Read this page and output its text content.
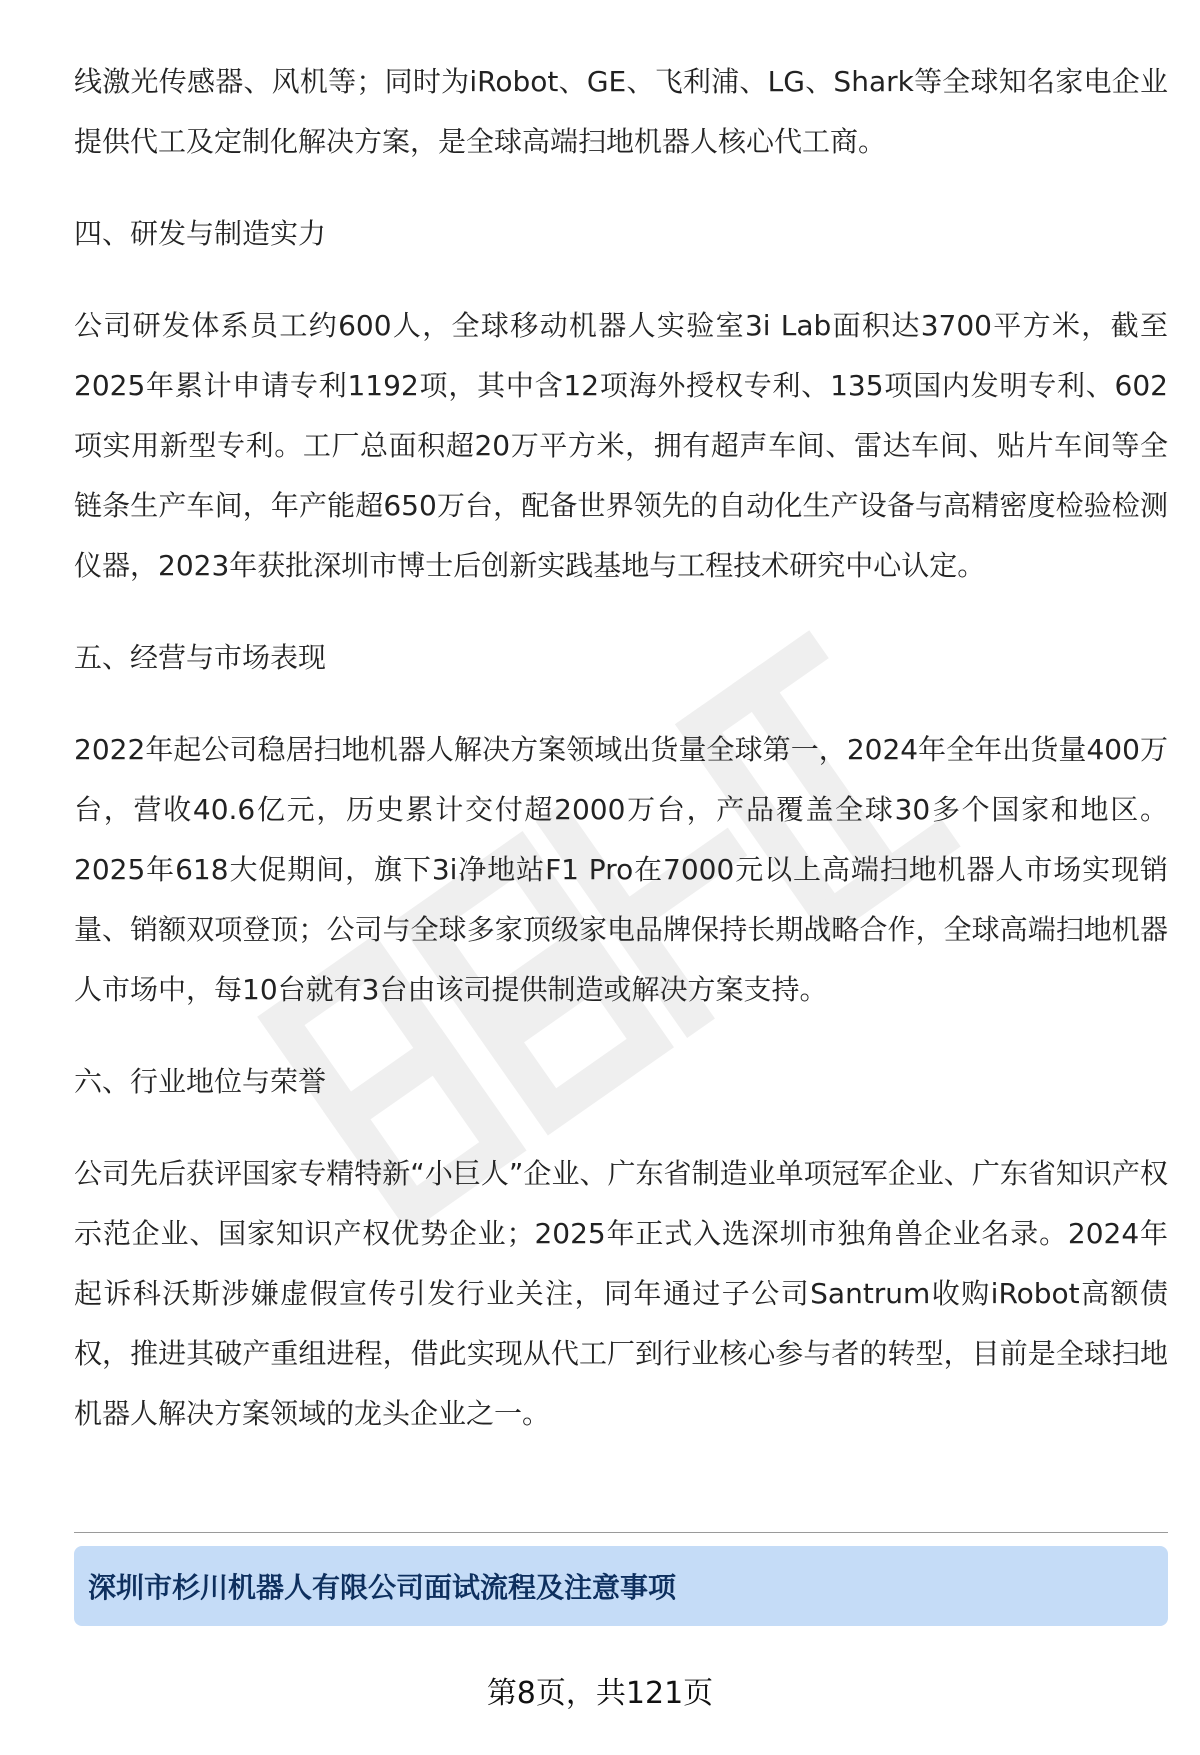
线激光传感器、风机等；同时为iRobot、GE、飞利浦、LG、Shark等全球知名家电企业提供代工及定制化解决方案，是全球高端扫地机器人核心代工商。

四、研发与制造实力

公司研发体系员工约600人，全球移动机器人实验室3i Lab面积达3700平方米，截至2025年累计申请专利1192项，其中含12项海外授权专利、135项国内发明专利、602项实用新型专利。工厂总面积超20万平方米，拥有超声车间、雷达车间、贴片车间等全链条生产车间，年产能超650万台，配备世界领先的自动化生产设备与高精密度检验检测仪器，2023年获批深圳市博士后创新实践基地与工程技术研究中心认定。

五、经营与市场表现

2022年起公司稳居扫地机器人解决方案领域出货量全球第一，2024年全年出货量400万台，营收40.6亿元，历史累计交付超2000万台，产品覆盖全球30多个国家和地区。2025年618大促期间，旗下3i净地站F1 Pro在7000元以上高端扫地机器人市场实现销量、销额双项登顶；公司与全球多家顶级家电品牌保持长期战略合作，全球高端扫地机器人市场中，每10台就有3台由该司提供制造或解决方案支持。

六、行业地位与荣誉

公司先后获评国家专精特新“小巨人”企业、广东省制造业单项冠军企业、广东省知识产权示范企业、国家知识产权优势企业；2025年正式入选深圳市独角兽企业名录。2024年起诉科沃斯涉嫌虚假宣传引发行业关注，同年通过子公司Santrum收购iRobot高额债权，推进其破产重组进程，借此实现从代工厂到行业核心参与者的转型，目前是全球扫地机器人解决方案领域的龙头企业之一。

深圳市杉川机器人有限公司面试流程及注意事项
第8页，共121页
